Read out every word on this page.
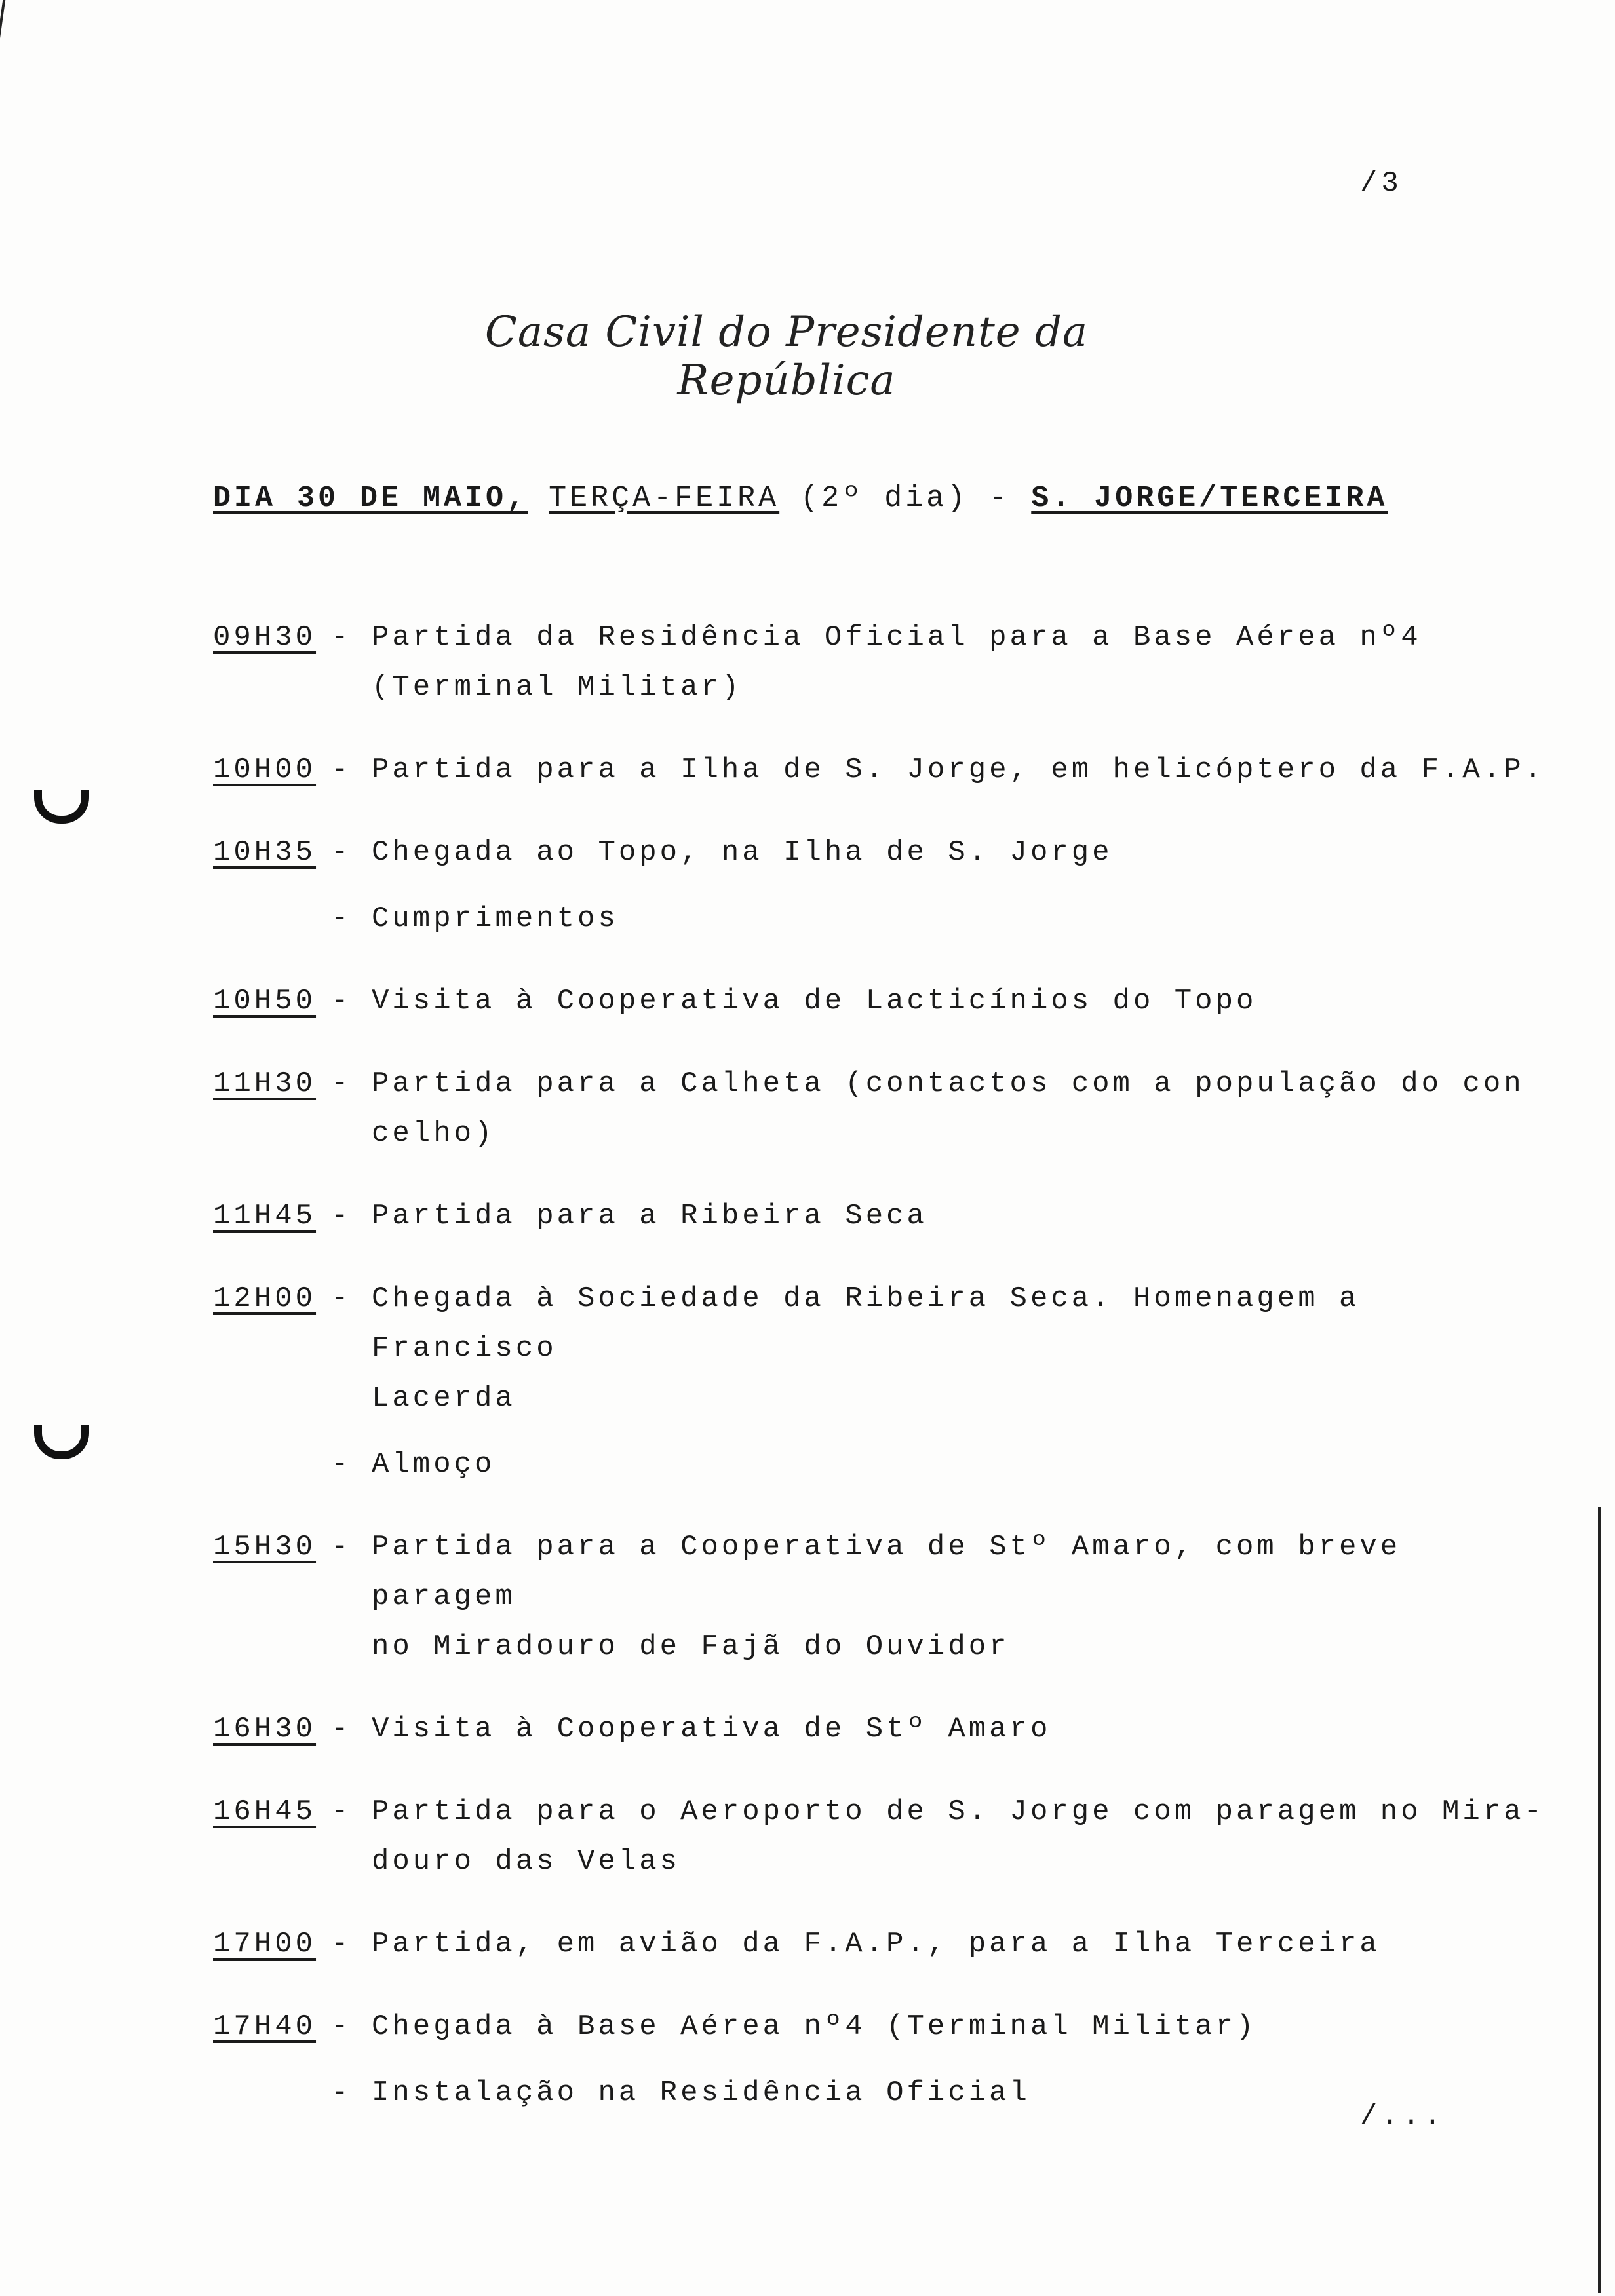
/3
Casa Civil do Presidente da República
DIA 30 DE MAIO, TERÇA-FEIRA (2º dia) - S. JORGE/TERCEIRA
09H30 - Partida da Residência Oficial para a Base Aérea nº4
(Terminal Militar)
10H00 - Partida para a Ilha de S. Jorge, em helicóptero da F.A.P.
10H35 - Chegada ao Topo, na Ilha de S. Jorge
- Cumprimentos
10H50 - Visita à Cooperativa de Lacticínios do Topo
11H30 - Partida para a Calheta (contactos com a população do con
celho)
11H45 - Partida para a Ribeira Seca
12H00 - Chegada à Sociedade da Ribeira Seca. Homenagem a Francisco
Lacerda
- Almoço
15H30 - Partida para a Cooperativa de Stº Amaro, com breve paragem
no Miradouro de Fajã do Ouvidor
16H30 - Visita à Cooperativa de Stº Amaro
16H45 - Partida para o Aeroporto de S. Jorge com paragem no Mira-
douro das Velas
17H00 - Partida, em avião da F.A.P., para a Ilha Terceira
17H40 - Chegada à Base Aérea nº4 (Terminal Militar)
- Instalação na Residência Oficial
/...
